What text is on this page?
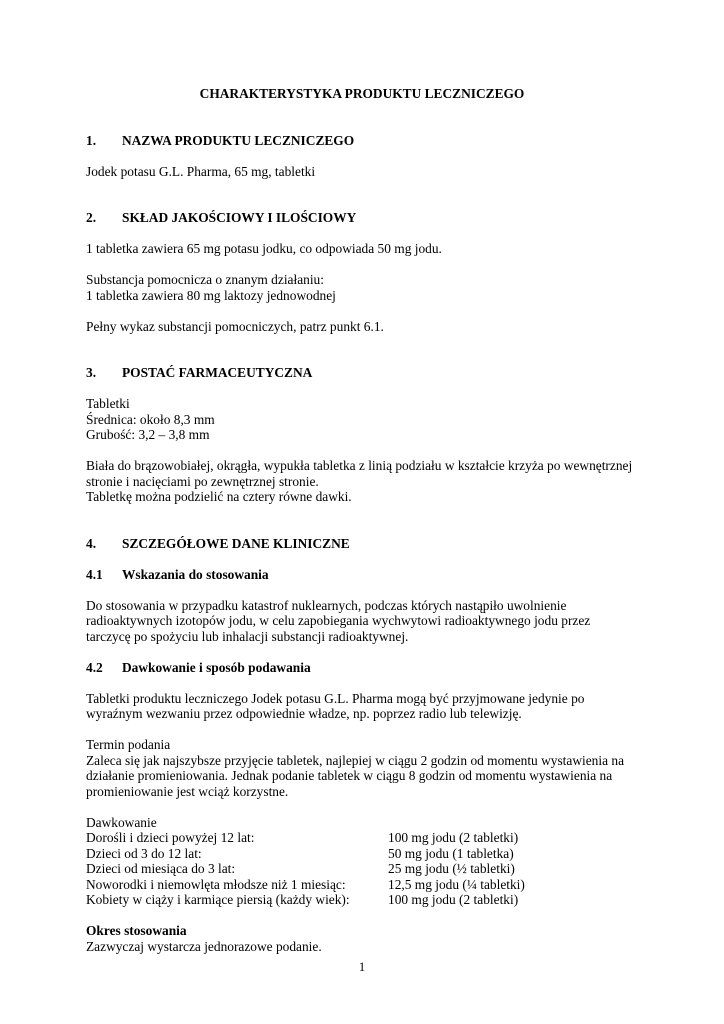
CHARAKTERYSTYKA PRODUKTU LECZNICZEGO
1.	NAZWA PRODUKTU LECZNICZEGO
Jodek potasu G.L. Pharma, 65 mg, tabletki
2.	SKŁAD JAKOŚCIOWY I ILOŚCIOWY
1 tabletka zawiera 65 mg potasu jodku, co odpowiada 50 mg jodu.
Substancja pomocnicza o znanym działaniu:
1 tabletka zawiera 80 mg laktozy jednowodnej
Pełny wykaz substancji pomocniczych, patrz punkt 6.1.
3.	POSTAĆ FARMACEUTYCZNA
Tabletki
Średnica: około 8,3 mm
Grubość: 3,2 – 3,8 mm
Biała do brązowobiałej, okrągła, wypukła tabletka z linią podziału w kształcie krzyża po wewnętrznej stronie i nacięciami po zewnętrznej stronie.
Tabletkę można podzielić na cztery równe dawki.
4.	SZCZEGÓŁOWE DANE KLINICZNE
4.1	Wskazania do stosowania
Do stosowania w przypadku katastrof nuklearnych, podczas których nastąpiło uwolnienie radioaktywnych izotopów jodu, w celu zapobiegania wychwytowi radioaktywnego jodu przez tarczycę po spożyciu lub inhalacji substancji radioaktywnej.
4.2	Dawkowanie i sposób podawania
Tabletki produktu leczniczego Jodek potasu G.L. Pharma mogą być przyjmowane jedynie po wyraźnym wezwaniu przez odpowiednie władze, np. poprzez radio lub telewizję.
Termin podania
Zaleca się jak najszybsze przyjęcie tabletek, najlepiej w ciągu 2 godzin od momentu wystawienia na działanie promieniowania. Jednak podanie tabletek w ciągu 8 godzin od momentu wystawienia na promieniowanie jest wciąż korzystne.
Dawkowanie
Dorośli i dzieci powyżej 12 lat:	100 mg jodu (2 tabletki)
Dzieci od 3 do 12 lat:	50 mg jodu (1 tabletka)
Dzieci od miesiąca do 3 lat:	25 mg jodu (½ tabletki)
Noworodki i niemowlęta młodsze niż 1 miesiąc:	12,5 mg jodu (¼ tabletki)
Kobiety w ciąży i karmiące piersią (każdy wiek):	100 mg jodu (2 tabletki)
Okres stosowania
Zazwyczaj wystarcza jednorazowe podanie.
1
